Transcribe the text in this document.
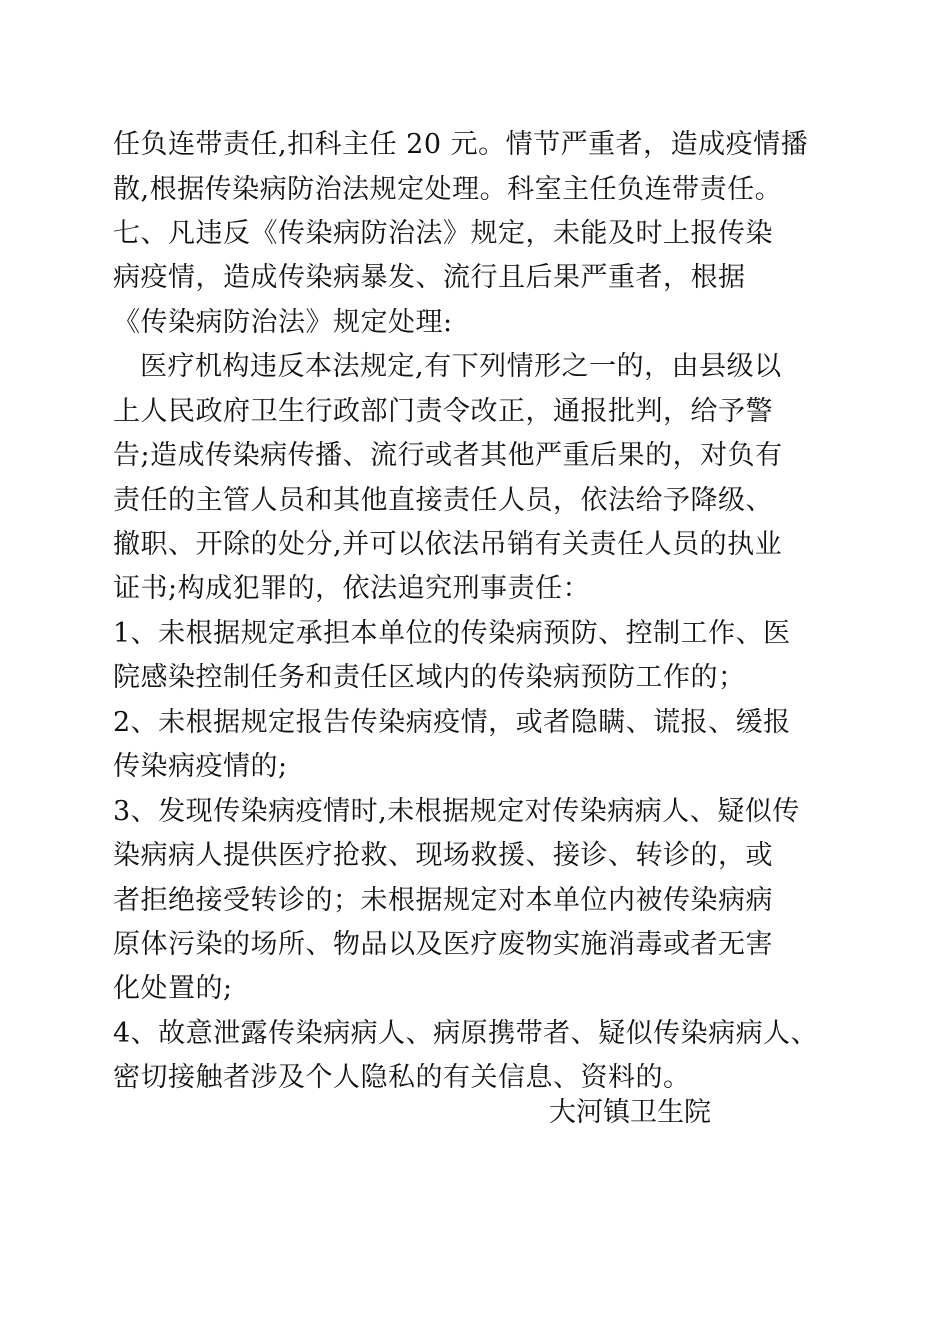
任负连带责任,扣科主任 20 元。情节严重者，造成疫情播
散,根据传染病防治法规定处理。科室主任负连带责任。
七、凡违反《传染病防治法》规定，未能及时上报传染
病疫情，造成传染病暴发、流行且后果严重者，根据
《传染病防治法》规定处理:
医疗机构违反本法规定,有下列情形之一的，由县级以
上人民政府卫生行政部门责令改正，通报批判，给予警
告;造成传染病传播、流行或者其他严重后果的，对负有
责任的主管人员和其他直接责任人员，依法给予降级、
撤职、开除的处分,并可以依法吊销有关责任人员的执业
证书;构成犯罪的，依法追究刑事责任：
1、未根据规定承担本单位的传染病预防、控制工作、医
院感染控制任务和责任区域内的传染病预防工作的；
2、未根据规定报告传染病疫情，或者隐瞒、谎报、缓报
传染病疫情的;
3、发现传染病疫情时,未根据规定对传染病病人、疑似传
染病病人提供医疗抢救、现场救援、接诊、转诊的，或
者拒绝接受转诊的；未根据规定对本单位内被传染病病
原体污染的场所、物品以及医疗废物实施消毒或者无害
化处置的;
4、故意泄露传染病病人、病原携带者、疑似传染病病人、
密切接触者涉及个人隐私的有关信息、资料的。
大河镇卫生院
